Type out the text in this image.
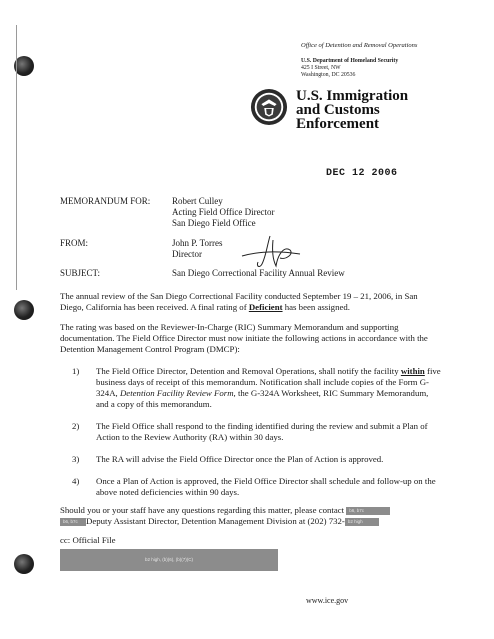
Office of Detention and Removal Operations
U.S. Department of Homeland Security
425 I Street, NW
Washington, DC 20536
U.S. Immigration
and Customs
Enforcement
DEC 12 2006
MEMORANDUM FOR: Robert Culley
Acting Field Office Director
San Diego Field Office
FROM:	John P. Torres
Director
SUBJECT:	San Diego Correctional Facility Annual Review
The annual review of the San Diego Correctional Facility conducted September 19 – 21, 2006, in San Diego, California has been received. A final rating of Deficient has been assigned.
The rating was based on the Reviewer-In-Charge (RIC) Summary Memorandum and supporting documentation. The Field Office Director must now initiate the following actions in accordance with the Detention Management Control Program (DMCP):
1) The Field Office Director, Detention and Removal Operations, shall notify the facility within five business days of receipt of this memorandum. Notification shall include copies of the Form G-324A, Detention Facility Review Form, the G-324A Worksheet, RIC Summary Memorandum, and a copy of this memorandum.
2) The Field Office shall respond to the finding identified during the review and submit a Plan of Action to the Review Authority (RA) within 30 days.
3) The RA will advise the Field Office Director once the Plan of Action is approved.
4) Once a Plan of Action is approved, the Field Office Director shall schedule and follow-up on the above noted deficiencies within 90 days.
Should you or your staff have any questions regarding this matter, please contact b6, b7c
b6, b7c Deputy Assistant Director, Detention Management Division at (202) 732- b2 high
cc: Official File
b2 high, (b)(6), (b)(7)(C)
www.ice.gov
